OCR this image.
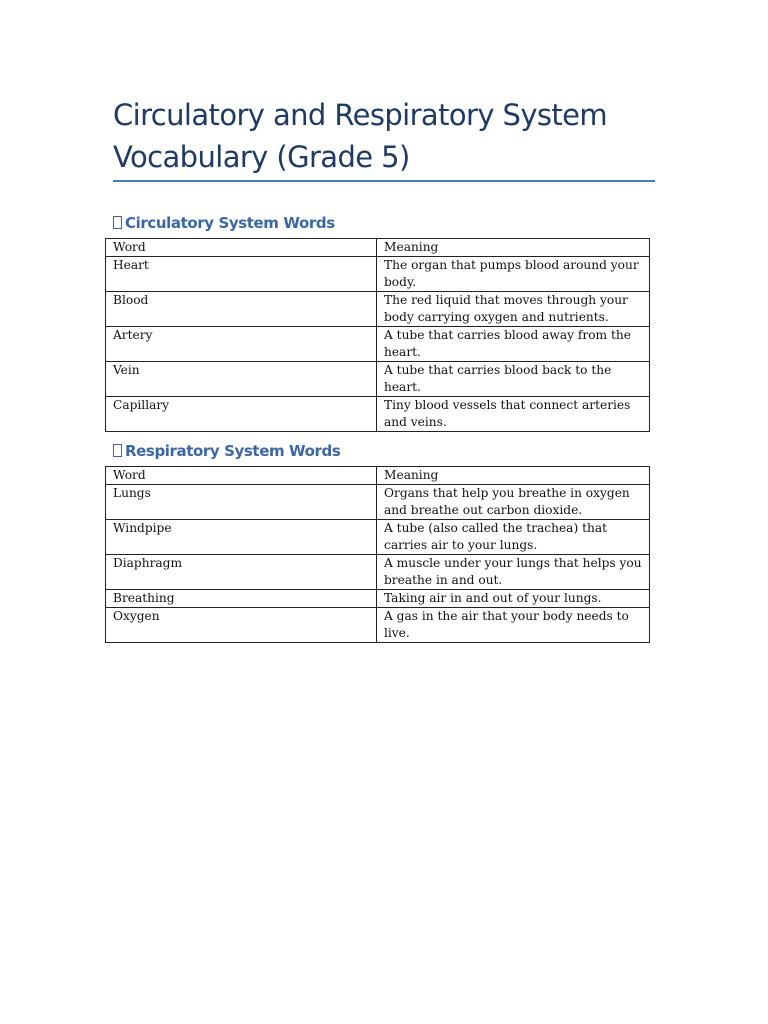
Circulatory and Respiratory System Vocabulary (Grade 5)
Circulatory System Words
Word	Meaning
Heart	The organ that pumps blood around your body.
Blood	The red liquid that moves through your body carrying oxygen and nutrients.
Artery	A tube that carries blood away from the heart.
Vein	A tube that carries blood back to the heart.
Capillary	Tiny blood vessels that connect arteries and veins.
Respiratory System Words
Word	Meaning
Lungs	Organs that help you breathe in oxygen and breathe out carbon dioxide.
Windpipe	A tube (also called the trachea) that carries air to your lungs.
Diaphragm	A muscle under your lungs that helps you breathe in and out.
Breathing	Taking air in and out of your lungs.
Oxygen	A gas in the air that your body needs to live.
